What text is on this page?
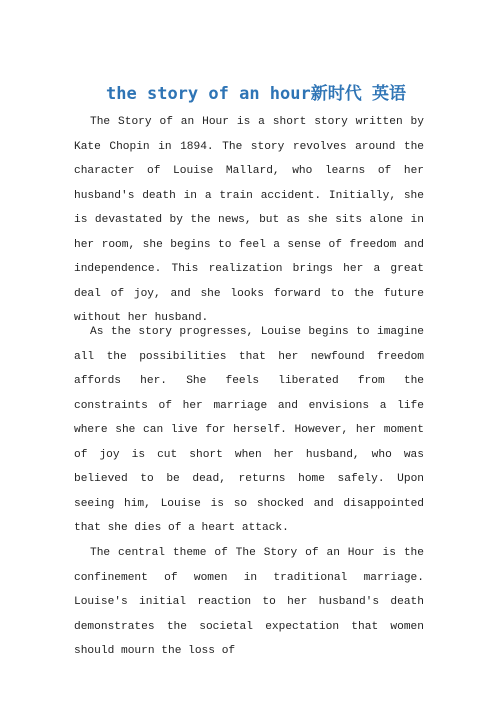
the story of an hour新时代 英语

The Story of an Hour is a short story written by Kate Chopin in 1894. The story revolves around the character of Louise Mallard, who learns of her husband's death in a train accident. Initially, she is devastated by the news, but as she sits alone in her room, she begins to feel a sense of freedom and independence. This realization brings her a great deal of joy, and she looks forward to the future without her husband.

As the story progresses, Louise begins to imagine all the possibilities that her newfound freedom affords her. She feels liberated from the constraints of her marriage and envisions a life where she can live for herself. However, her moment of joy is cut short when her husband, who was believed to be dead, returns home safely. Upon seeing him, Louise is so shocked and disappointed that she dies of a heart attack.

The central theme of The Story of an Hour is the confinement of women in traditional marriage. Louise's initial reaction to her husband's death demonstrates the societal expectation that women should mourn the loss of
